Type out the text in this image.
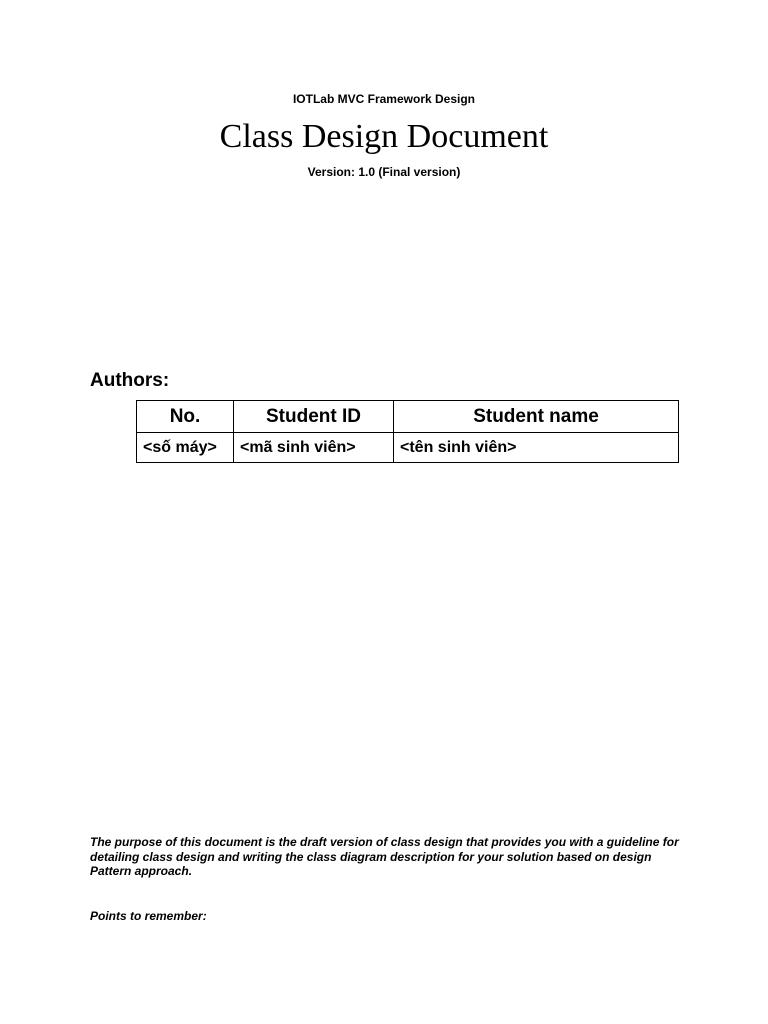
IOTLab MVC Framework Design
Class Design Document
Version: 1.0 (Final version)
Authors:
No.	Student ID	Student name
<số máy>	<mã sinh viên>	<tên sinh viên>
The purpose of this document is the draft version of class design that provides you with a guideline for detailing class design and writing the class diagram description for your solution based on design Pattern approach.
Points to remember:
